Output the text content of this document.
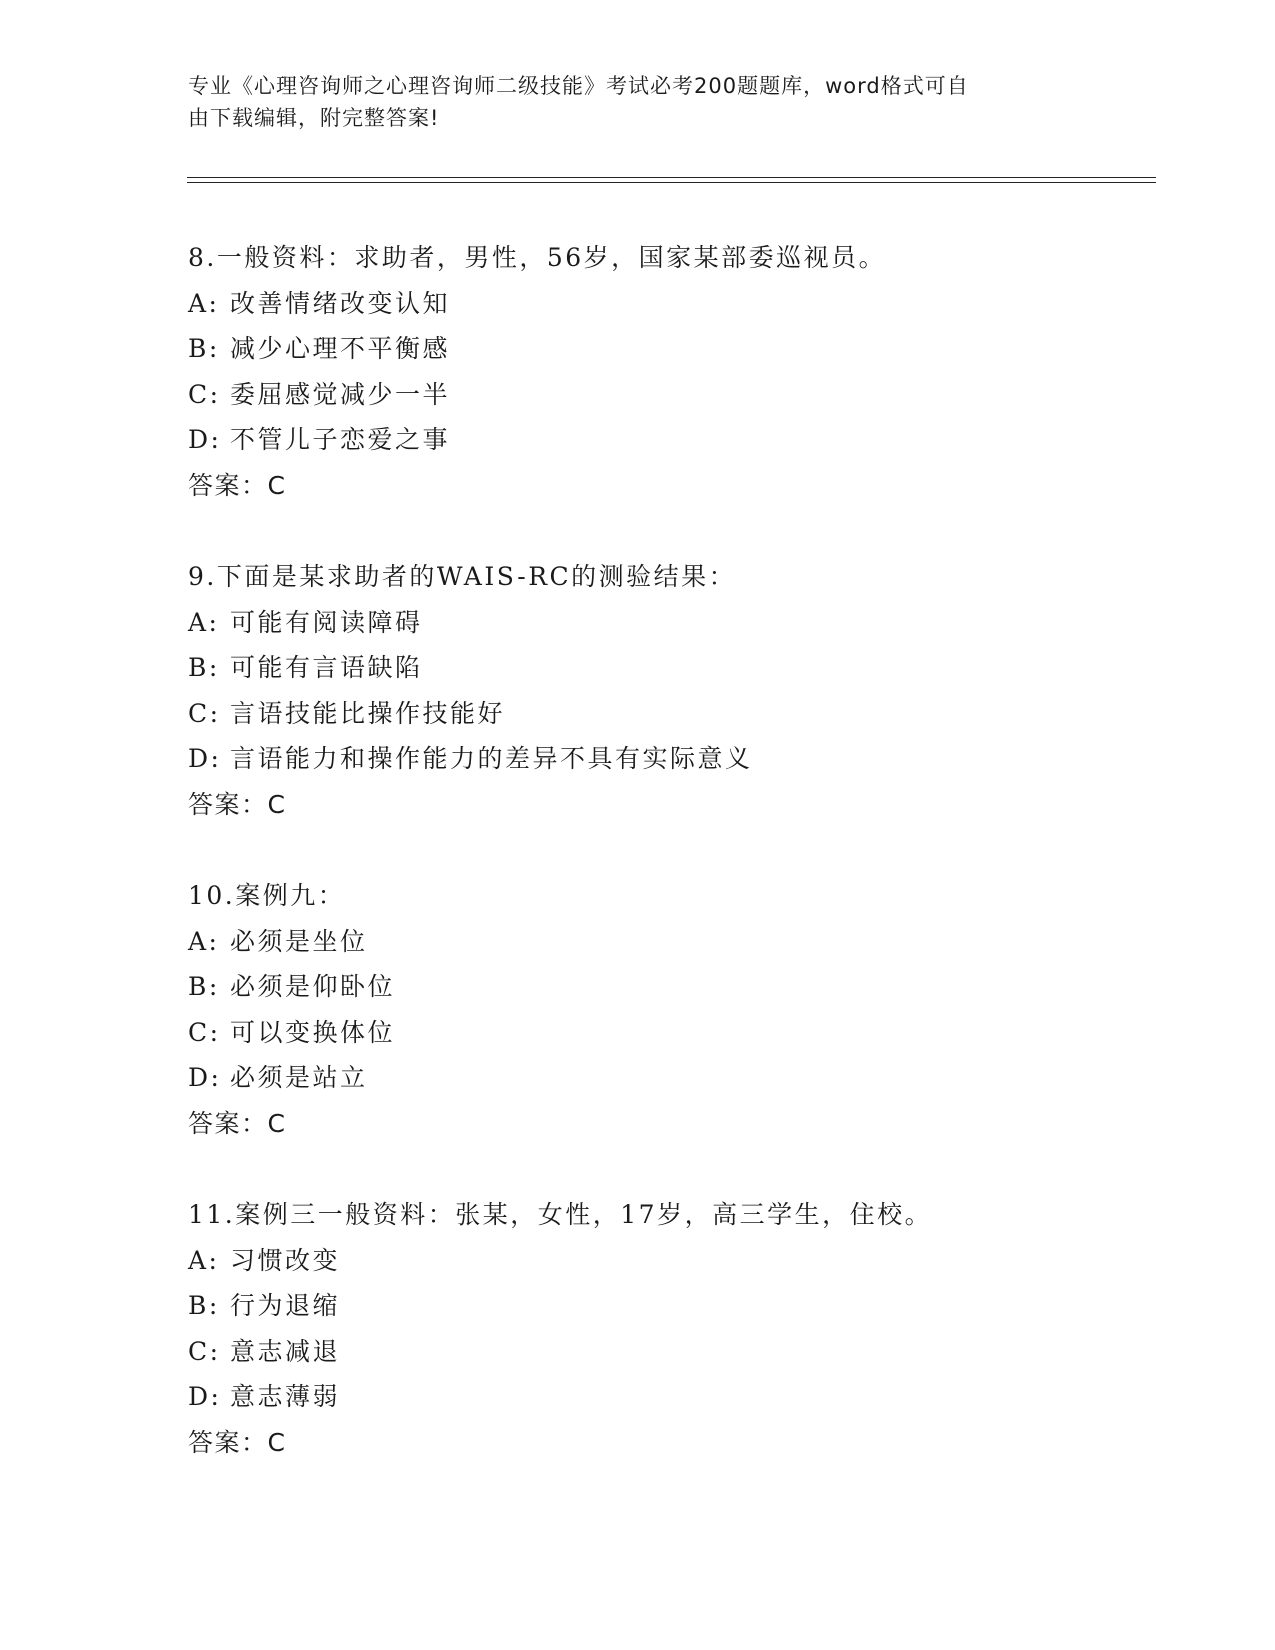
专业《心理咨询师之心理咨询师二级技能》考试必考200题题库，word格式可自
由下载编辑，附完整答案!
8.一般资料：求助者，男性，56岁，国家某部委巡视员。
A: 改善情绪改变认知
B: 减少心理不平衡感
C: 委屈感觉减少一半
D: 不管儿子恋爱之事
答案：C
9.下面是某求助者的WAIS-RC的测验结果：
A: 可能有阅读障碍
B: 可能有言语缺陷
C: 言语技能比操作技能好
D: 言语能力和操作能力的差异不具有实际意义
答案：C
10.案例九：
A: 必须是坐位
B: 必须是仰卧位
C: 可以变换体位
D: 必须是站立
答案：C
11.案例三一般资料：张某，女性，17岁，高三学生，住校。
A: 习惯改变
B: 行为退缩
C: 意志减退
D: 意志薄弱
答案：C
